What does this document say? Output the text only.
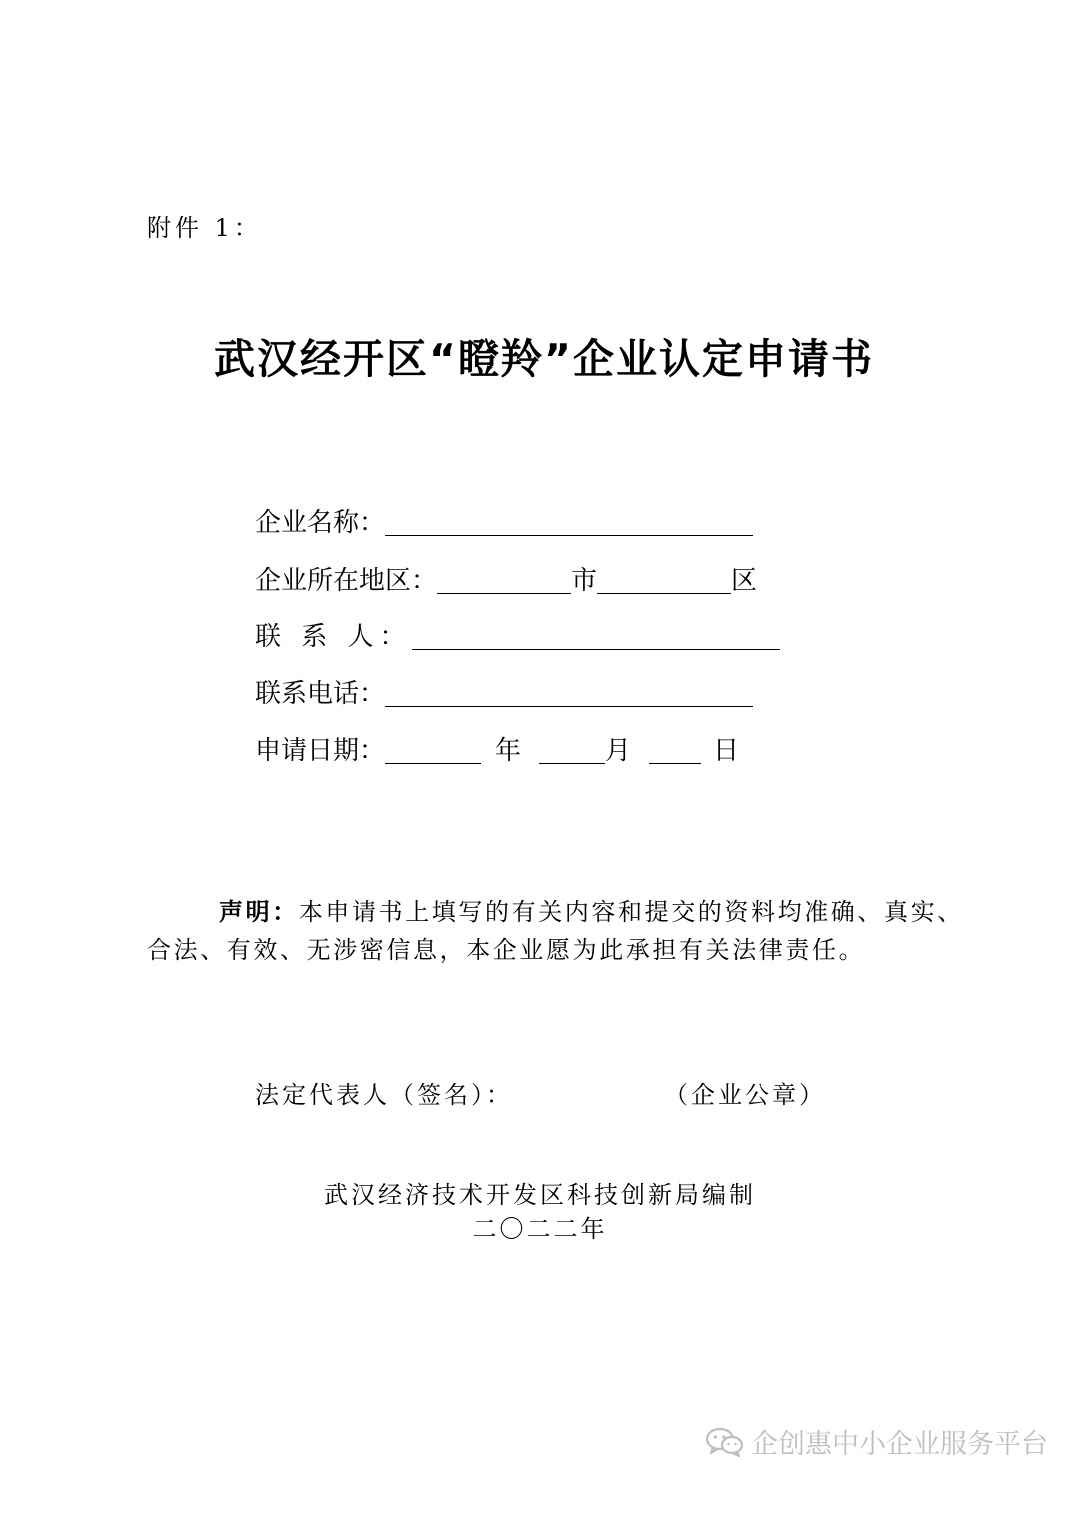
附件 1：
武汉经开区“瞪羚”企业认定申请书
企业名称：
企业所在地区：	市	区
联 系 人：
联系电话：
申请日期：	年	月	日
声明：本申请书上填写的有关内容和提交的资料均准确、真实、合法、有效、无涉密信息，本企业愿为此承担有关法律责任。
法定代表人（签名）：	（企业公章）
武汉经济技术开发区科技创新局编制
二〇二二年
企创惠中小企业服务平台
